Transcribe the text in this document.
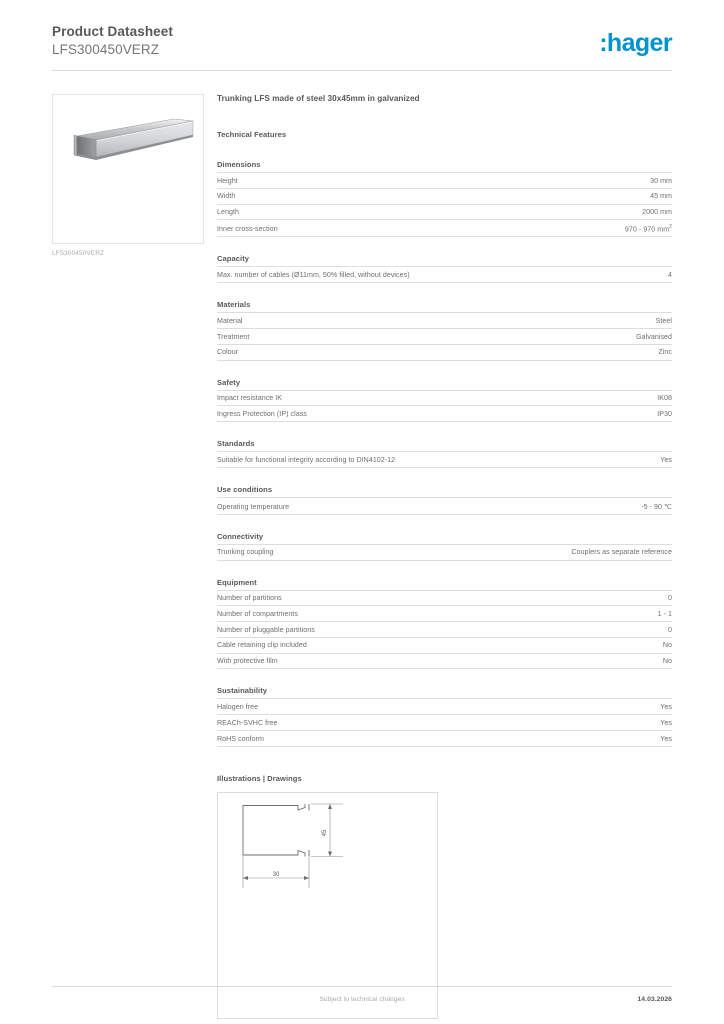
Product Datasheet
LFS300450VERZ	:hager
LFS300450VERZ
Trunking LFS made of steel 30x45mm in galvanized
Technical Features
Dimensions
Height	30 mm
Width	45 mm
Length	2000 mm
Inner cross-section	970 - 970 $mm^2$
Capacity
Max. number of cables (Ø11mm, 50% filled, without devices)	4
Materials
Material	Steel
Treatment	Galvanised
Colour	Zinc
Safety
Impact resistance IK	IK08
Ingress Protection (IP) class	IP30
Standards
Suitable for functional integrity according to DIN4102-12	Yes
Use conditions
Operating temperature	-5 - 90 ℃
Connectivity
Trunking coupling	Couplers as separate reference
Equipment
Number of partitions	0
Number of compartments	1 - 1
Number of pluggable partitions	0
Cable retaining clip included	No
With protective film	No
Sustainability
Halogen free	Yes
REACh-SVHC free	Yes
RoHS conform	Yes
Illustrations | Drawings
45
30
Subject to technical changes	14.03.2026
